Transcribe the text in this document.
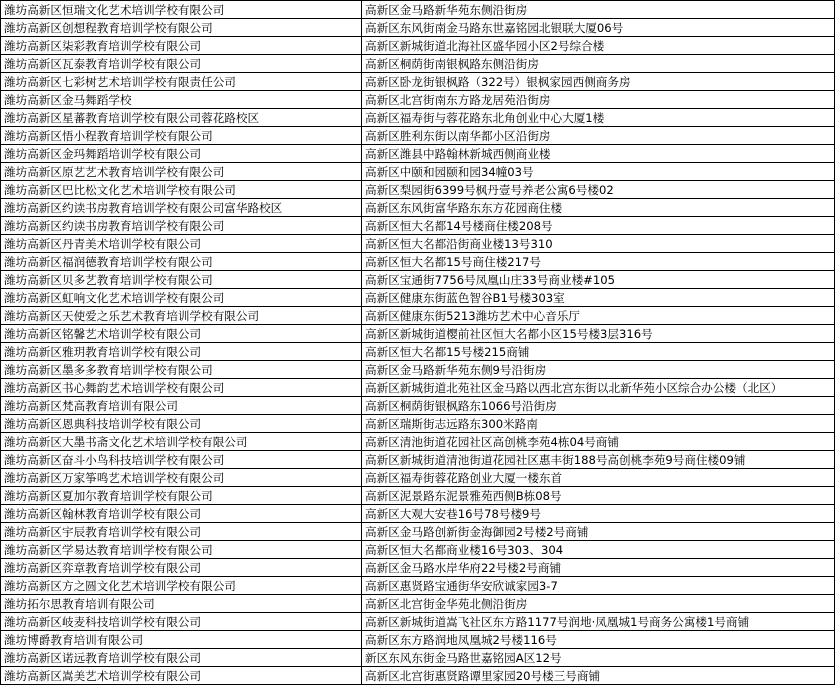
潍坊高新区恒瑞文化艺术培训学校有限公司	高新区金马路新华苑东侧沿街房
潍坊高新区创想程教育培训学校有限公司	高新区东风街南金马路东世嘉铭园北银联大厦06号
潍坊高新区柒彩教育培训学校有限公司	高新区新城街道北海社区盛华园小区2号综合楼
潍坊高新区瓦泰教育培训学校有限公司	高新区桐荫街南银枫路东侧沿街房
潍坊高新区七彩树艺术培训学校有限责任公司	高新区卧龙街银枫路（322号）银枫家园西侧商务房
潍坊高新区金马舞蹈学校	高新区北宫街南东方路龙居苑沿街房
潍坊高新区星蕃教育培训学校有限公司蓉花路校区	高新区福寿街与蓉花路东北角创业中心大厦1楼
潍坊高新区悟小程教育培训学校有限公司	高新区胜利东街以南华都小区沿街房
潍坊高新区金玛舞蹈培训学校有限公司	高新区潍县中路翰林新城西侧商业楼
潍坊高新区原艺艺术教育培训学校有限公司	高新区中颐和园颐和园34幢03号
潍坊高新区巴比松文化艺术培训学校有限公司	高新区梨园街6399号枫丹壹号养老公寓6号楼02
潍坊高新区约读书房教育培训学校有限公司富华路校区	高新区东风街富华路东东方花园商住楼
潍坊高新区约读书房教育培训学校有限公司	高新区恒大名都14号楼商住楼208号
潍坊高新区丹青美术培训学校有限公司	高新区恒大名都沿街商业楼13号310
潍坊高新区福润德教育培训学校有限公司	高新区恒大名都15号商住楼217号
潍坊高新区贝多艺教育培训学校有限公司	高新区宝通街7756号凤凰山庄33号商业楼#105
潍坊高新区虹响文化艺术培训学校有限公司	高新区健康东街蓝色智谷B1号楼303室
潍坊高新区天使爱之乐艺术教育培训学校有限公司	高新区健康东街5213潍坊艺术中心音乐厅
潍坊高新区铭馨艺术培训学校有限公司	高新区新城街道樱前社区恒大名都小区15号楼3层316号
潍坊高新区雅玥教育培训学校有限公司	高新区恒大名都15号楼215商铺
潍坊高新区墨多多教育培训学校有限公司	高新区金马路新华苑东侧9号沿街房
潍坊高新区书心舞韵艺术培训学校有限公司	高新区新城街道北苑社区金马路以西北宫东街以北新华苑小区综合办公楼（北区）
潍坊高新区梵高教育培训有限公司	高新区桐荫街银枫路东1066号沿街房
潍坊高新区恩典科技培训学校有限公司	高新区瑞斯街志远路东300米路南
潍坊高新区大墨书斋文化艺术培训学校有限公司	高新区清池街道花园社区高创桃李苑4栋04号商铺
潍坊高新区奋斗小鸟科技培训学校有限公司	高新区新城街道清池街道花园社区惠丰街188号高创桃李苑9号商住楼09铺
潍坊高新区万家筝鸣艺术培训学校有限公司	高新区福寿街蓉花路创业大厦一楼东首
潍坊高新区夏加尔教育培训学校有限公司	高新区泥景路东泥景雅苑西侧B栋08号
潍坊高新区翰林教育培训学校有限公司	高新区大观大安巷16号78号楼9号
潍坊高新区宇辰教育培训学校有限公司	高新区金马路创新街金海御园2号楼2号商铺
潍坊高新区学易达教育培训学校有限公司	高新区恒大名都商业楼16号303、304
潍坊高新区弈章教育培训学校有限公司	高新区金马路水岸华府22号楼2号商铺
潍坊高新区方之圆文化艺术培训学校有限公司	高新区惠贤路宝通街华安欣诚家园3-7
潍坊拓尔思教育培训有限公司	高新区北宫街金华苑北侧沿街房
潍坊高新区岐麦科技培训学校有限公司	高新区新城街道嵩飞社区东方路1177号润地·凤凰城1号商务公寓楼1号商铺
潍坊博爵教育培训有限公司	高新区东方路润地凤凰城2号楼116号
潍坊高新区诺远教育培训学校有限公司	新区东风东街金马路世嘉铭园A区12号
潍坊高新区嵩美艺术培训学校有限公司	高新区北宫街惠贤路谭里家园20号楼三号商铺
